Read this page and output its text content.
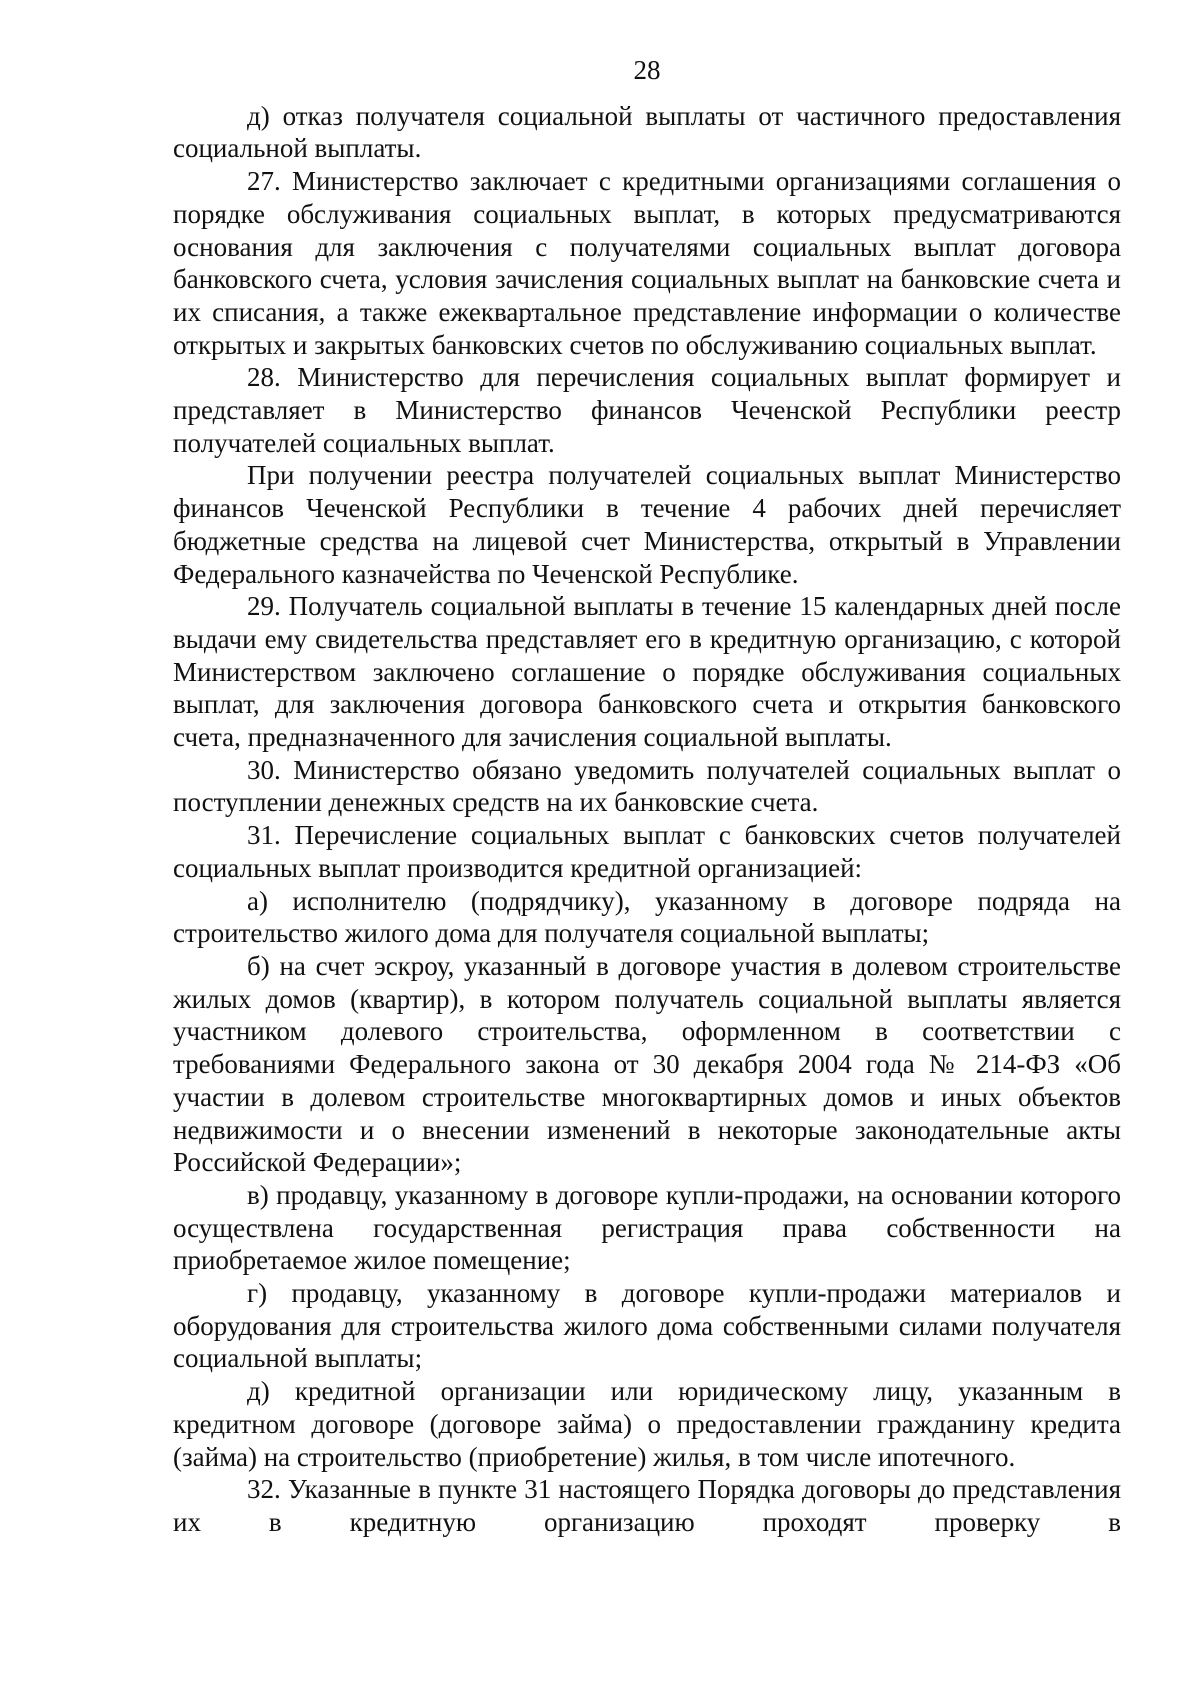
28

д) отказ получателя социальной выплаты от частичного предоставления социальной выплаты.

27. Министерство заключает с кредитными организациями соглашения о порядке обслуживания социальных выплат, в которых предусматриваются основания для заключения с получателями социальных выплат договора банковского счета, условия зачисления социальных выплат на банковские счета и их списания, а также ежеквартальное представление информации о количестве открытых и закрытых банковских счетов по обслуживанию социальных выплат.

28. Министерство для перечисления социальных выплат формирует и представляет в Министерство финансов Чеченской Республики реестр получателей социальных выплат.

При получении реестра получателей социальных выплат Министерство финансов Чеченской Республики в течение 4 рабочих дней перечисляет бюджетные средства на лицевой счет Министерства, открытый в Управлении Федерального казначейства по Чеченской Республике.

29. Получатель социальной выплаты в течение 15 календарных дней после выдачи ему свидетельства представляет его в кредитную организацию, с которой Министерством заключено соглашение о порядке обслуживания социальных выплат, для заключения договора банковского счета и открытия банковского счета, предназначенного для зачисления социальной выплаты.

30. Министерство обязано уведомить получателей социальных выплат о поступлении денежных средств на их банковские счета.

31. Перечисление социальных выплат с банковских счетов получателей социальных выплат производится кредитной организацией:

а) исполнителю (подрядчику), указанному в договоре подряда на строительство жилого дома для получателя социальной выплаты;

б) на счет эскроу, указанный в договоре участия в долевом строительстве жилых домов (квартир), в котором получатель социальной выплаты является участником долевого строительства, оформленном в соответствии с требованиями Федерального закона от 30 декабря 2004 года № 214-ФЗ «Об участии в долевом строительстве многоквартирных домов и иных объектов недвижимости и о внесении изменений в некоторые законодательные акты Российской Федерации»;

в) продавцу, указанному в договоре купли-продажи, на основании которого осуществлена государственная регистрация права собственности на приобретаемое жилое помещение;

г) продавцу, указанному в договоре купли-продажи материалов и оборудования для строительства жилого дома собственными силами получателя социальной выплаты;

д) кредитной организации или юридическому лицу, указанным в кредитном договоре (договоре займа) о предоставлении гражданину кредита (займа) на строительство (приобретение) жилья, в том числе ипотечного.

32. Указанные в пункте 31 настоящего Порядка договоры до представления их в кредитную организацию проходят проверку в
